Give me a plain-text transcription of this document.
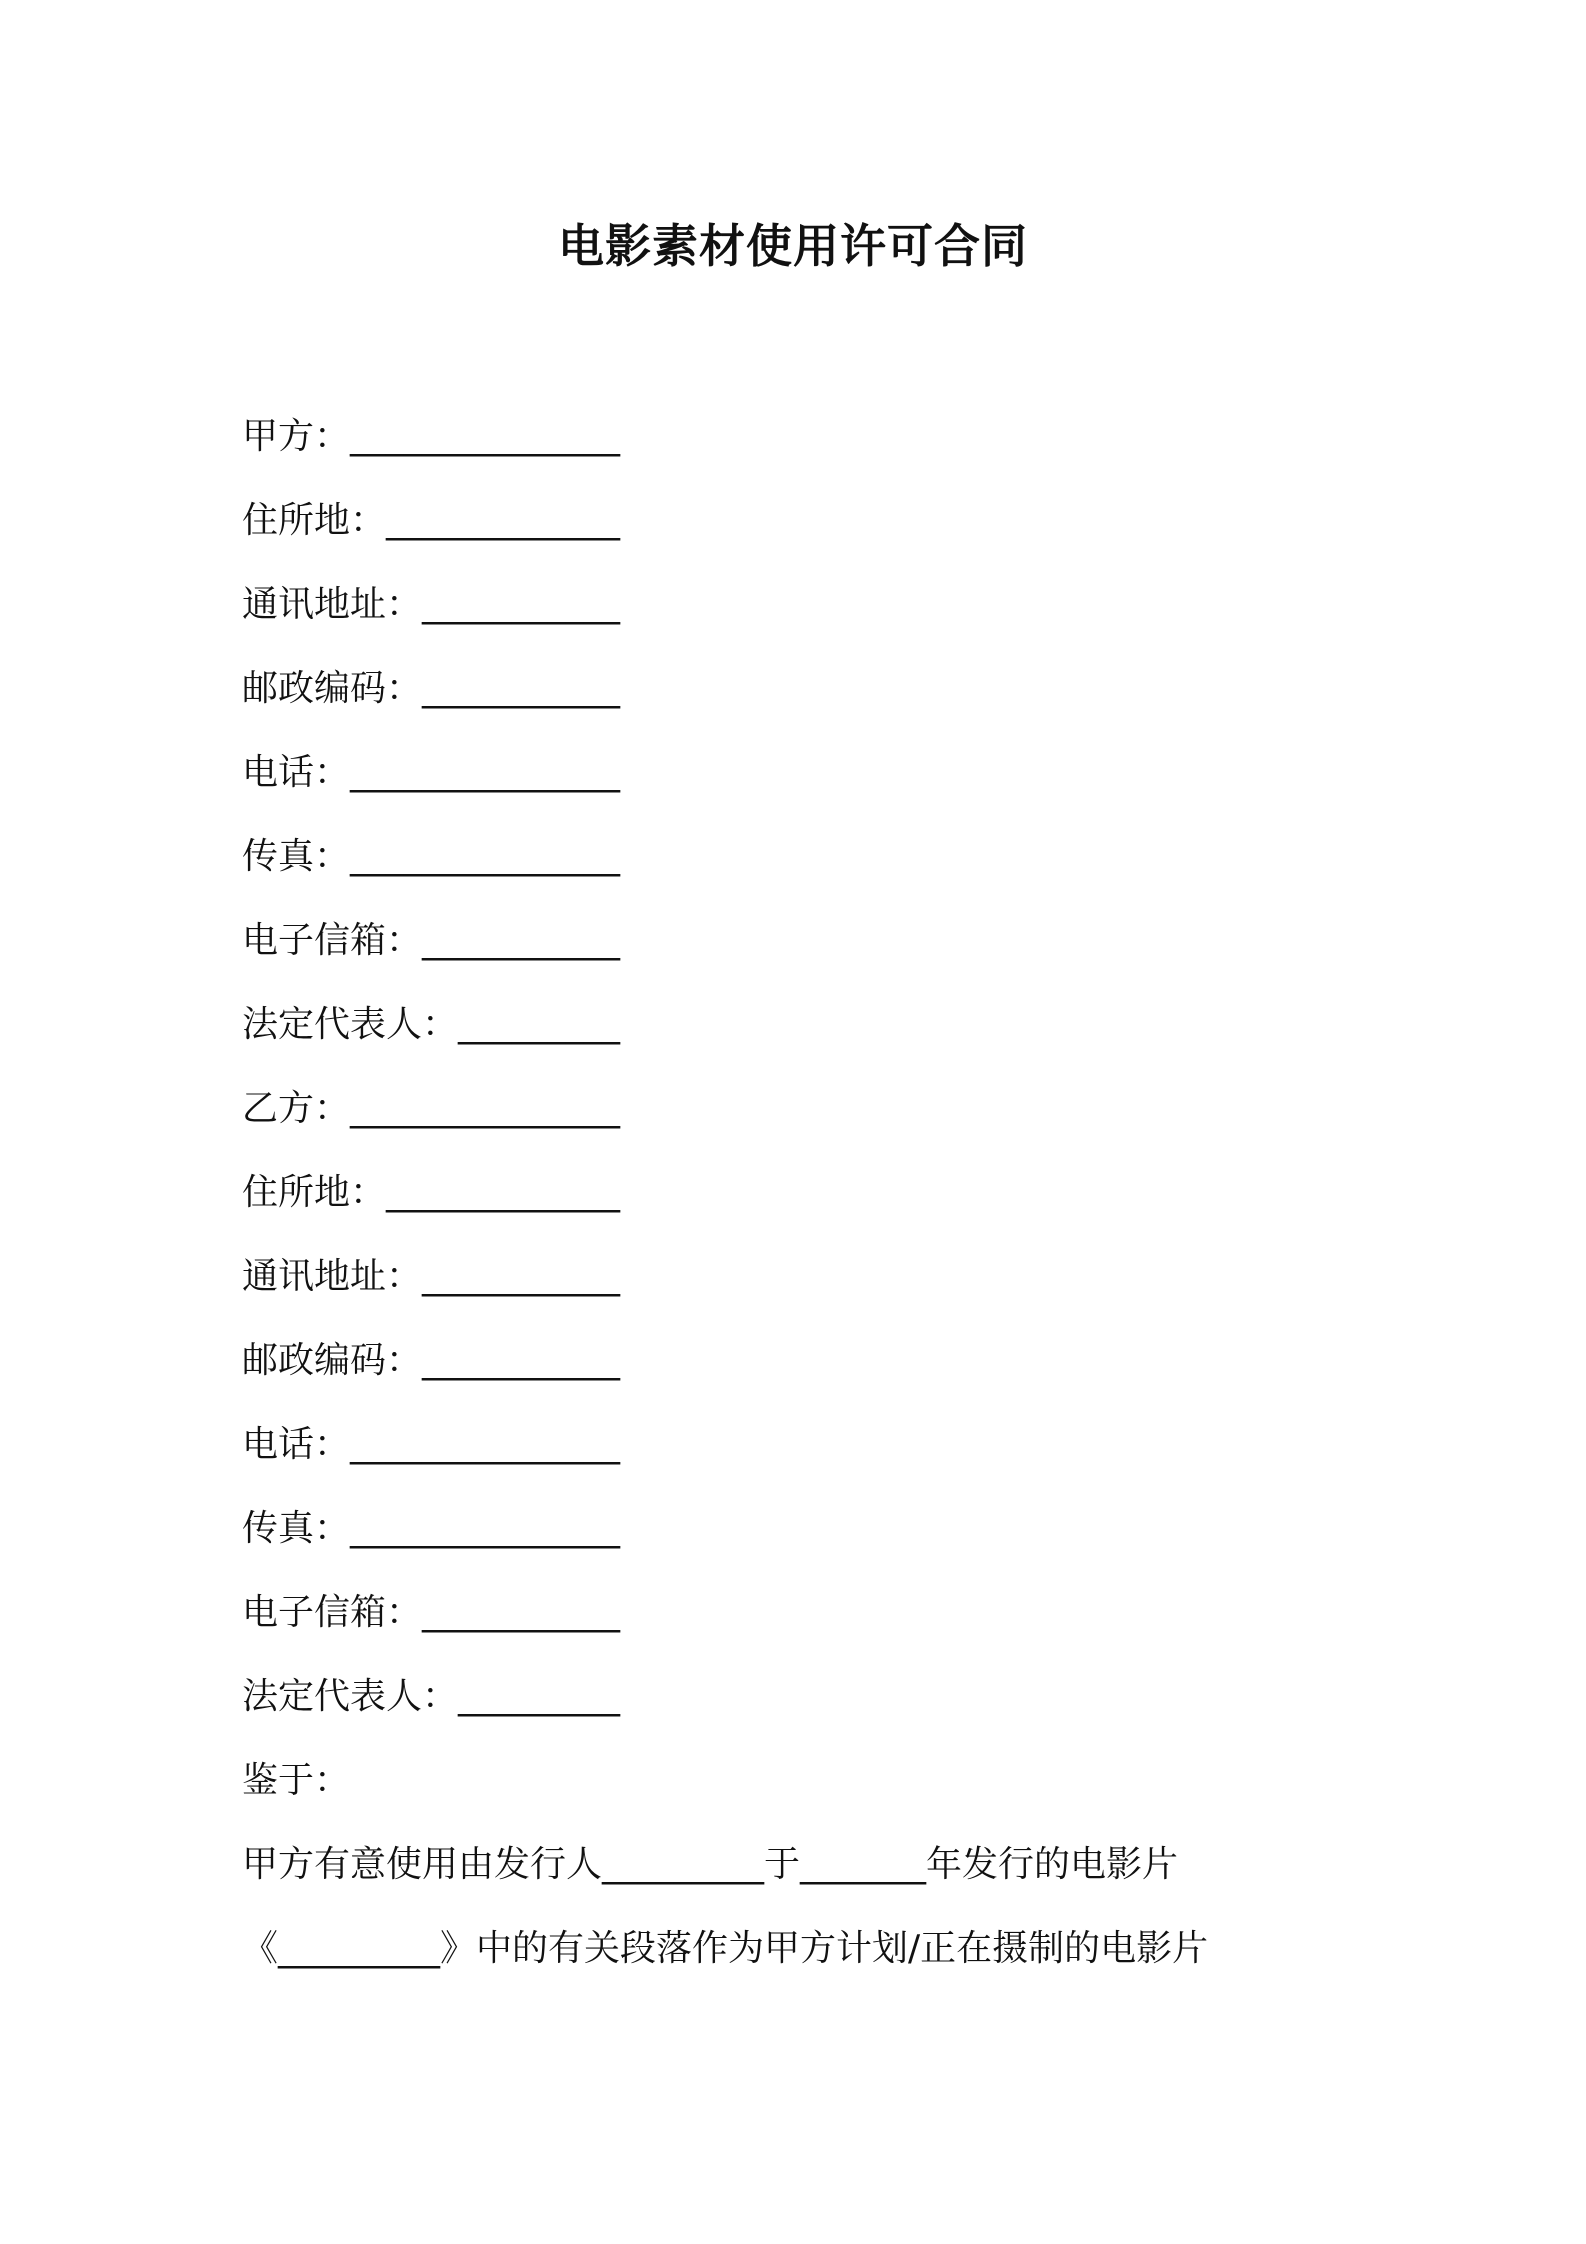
电影素材使用许可合同
甲方：_______________
住所地：_____________
通讯地址：___________
邮政编码：___________
电话：_______________
传真：_______________
电子信箱：___________
法定代表人：_________
乙方：_______________
住所地：_____________
通讯地址：___________
邮政编码：___________
电话：_______________
传真：_______________
电子信箱：___________
法定代表人：_________
鉴于：
甲方有意使用由发行人_________于_______年发行的电影片
《_________》中的有关段落作为甲方计划/正在摄制的电影片
